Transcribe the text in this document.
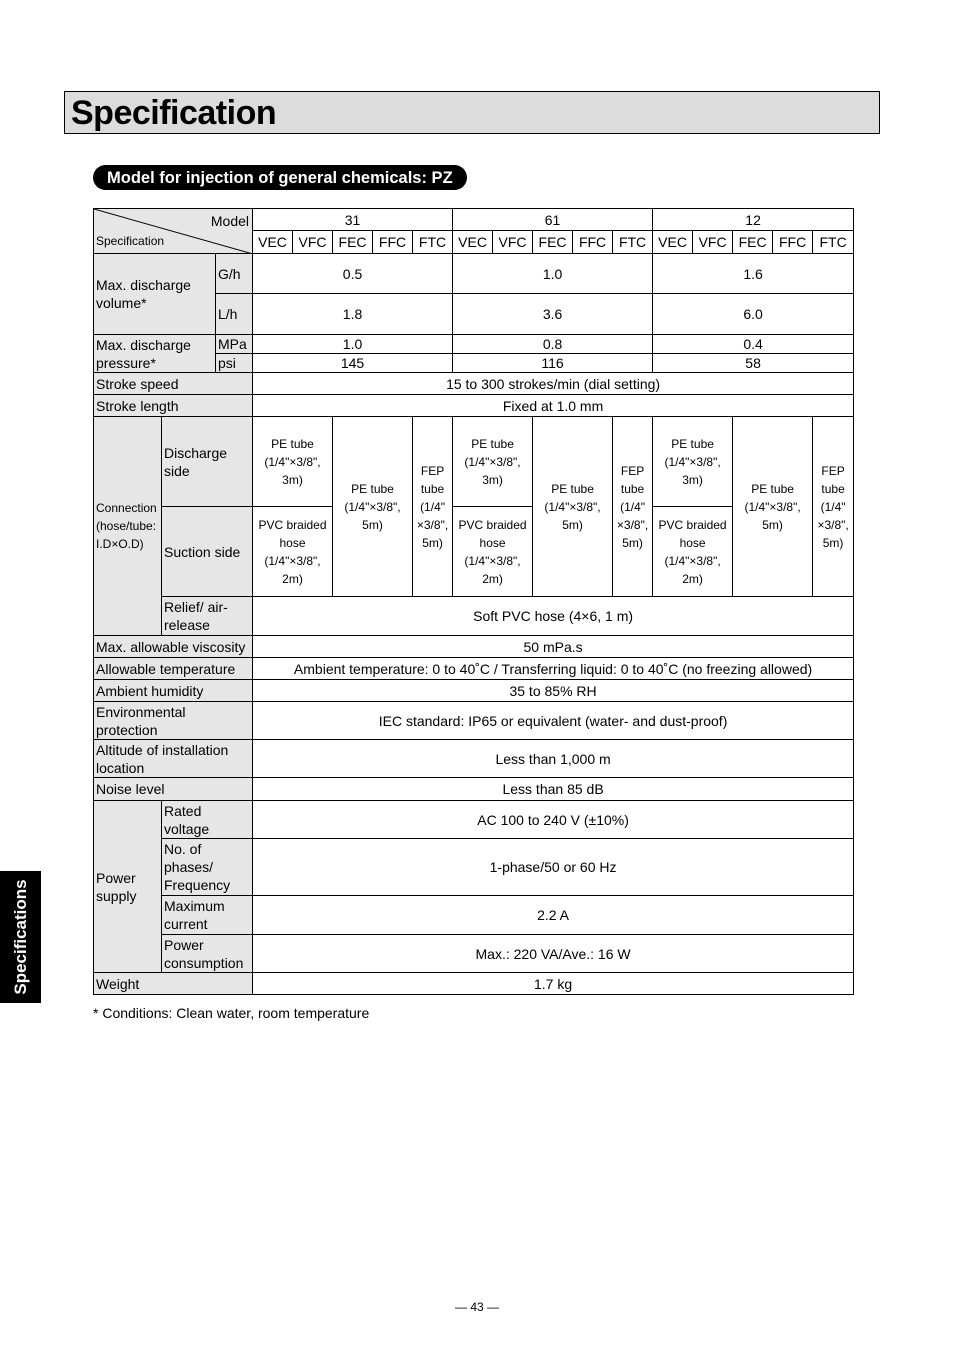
Specification
Model for injection of general chemicals: PZ
Model
Specification			31					61					12				
			VEC	VFC	FEC	FFC	FTC	VEC	VFC	FEC	FFC	FTC	VEC	VFC	FEC	FFC	FTC
Max. discharge volume*		G/h	0.5					1.0					1.6				
		L/h	1.8					3.6					6.0				
Max. discharge pressure*		MPa	1.0					0.8					0.4				
		psi	145					116					58				
Stroke speed			15 to 300 strokes/min (dial setting)														
Stroke length			Fixed at 1.0 mm														
Connection (hose/tube: I.D×O.D)	Discharge side		PE tube (1/4"×3/8", 3m)		PE tube (1/4"×3/8", 5m)		FEP tube (1/4" ×3/8", 5m)	PE tube (1/4"×3/8", 3m)		PE tube (1/4"×3/8", 5m)		FEP tube (1/4" ×3/8", 5m)	PE tube (1/4"×3/8", 3m)		PE tube (1/4"×3/8", 5m)		FEP tube (1/4" ×3/8", 5m)
	Suction side		PVC braided hose (1/4"×3/8", 2m)					PVC braided hose (1/4"×3/8", 2m)					PVC braided hose (1/4"×3/8", 2m)				
	Relief/ air-release		Soft PVC hose (4×6, 1 m)														
Max. allowable viscosity			50 mPa.s														
Allowable temperature			Ambient temperature: 0 to 40˚C / Transferring liquid: 0 to 40˚C (no freezing allowed)														
Ambient humidity			35 to 85% RH														
Environmental protection			IEC standard: IP65 or equivalent (water- and dust-proof)														
Altitude of installation location			Less than 1,000 m														
Noise level			Less than 85 dB														
Power supply	Rated voltage		AC 100 to 240 V (±10%)														
	No. of phases/ Frequency		1-phase/50 or 60 Hz														
	Maximum current		2.2 A														
	Power consumption		Max.: 220 VA/Ave.: 16 W														
Weight			1.7 kg														
* Conditions: Clean water, room temperature
Specifications
— 43 —
